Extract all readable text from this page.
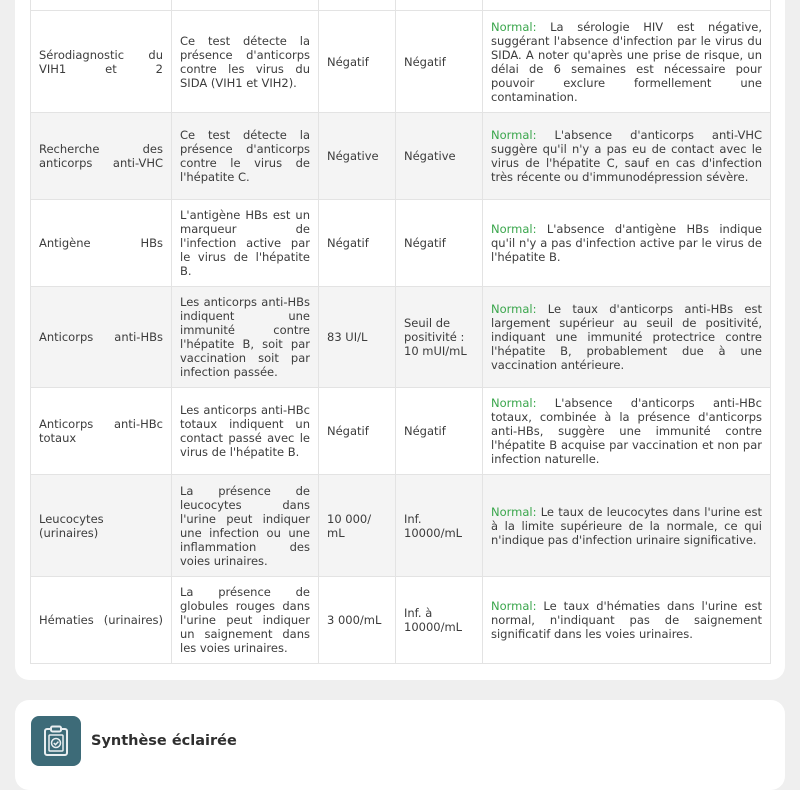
Sérodiagnostic du VIH1 et 2	Ce test détecte la présence d'anticorps contre les virus du SIDA (VIH1 et VIH2).	Négatif	Négatif	Normal: La sérologie HIV est négative, suggérant l'absence d'infection par le virus du SIDA. A noter qu'après une prise de risque, un délai de 6 semaines est nécessaire pour pouvoir exclure formellement une contamination.
Recherche des anticorps anti-VHC	Ce test détecte la présence d'anticorps contre le virus de l'hépatite C.	Négative	Négative	Normal: L'absence d'anticorps anti-VHC suggère qu'il n'y a pas eu de contact avec le virus de l'hépatite C, sauf en cas d'infection très récente ou d'immunodépression sévère.
Antigène HBs	L'antigène HBs est un marqueur de l'infection active par le virus de l'hépatite B.	Négatif	Négatif	Normal: L'absence d'antigène HBs indique qu'il n'y a pas d'infection active par le virus de l'hépatite B.
Anticorps anti-HBs	Les anticorps anti-HBs indiquent une immunité contre l'hépatite B, soit par vaccination soit par infection passée.	83 UI/L	Seuil de positivité : 10 mUI/mL	Normal: Le taux d'anticorps anti-HBs est largement supérieur au seuil de positivité, indiquant une immunité protectrice contre l'hépatite B, probablement due à une vaccination antérieure.
Anticorps anti-HBc totaux	Les anticorps anti-HBc totaux indiquent un contact passé avec le virus de l'hépatite B.	Négatif	Négatif	Normal: L'absence d'anticorps anti-HBc totaux, combinée à la présence d'anticorps anti-HBs, suggère une immunité contre l'hépatite B acquise par vaccination et non par infection naturelle.
Leucocytes (urinaires)	La présence de leucocytes dans l'urine peut indiquer une infection ou une inflammation des voies urinaires.	10 000/ mL	Inf. 10000/mL	Normal: Le taux de leucocytes dans l'urine est à la limite supérieure de la normale, ce qui n'indique pas d'infection urinaire significative.
Hématies (urinaires)	La présence de globules rouges dans l'urine peut indiquer un saignement dans les voies urinaires.	3 000/mL	Inf. à 10000/mL	Normal: Le taux d'hématies dans l'urine est normal, n'indiquant pas de saignement significatif dans les voies urinaires.
Synthèse éclairée
